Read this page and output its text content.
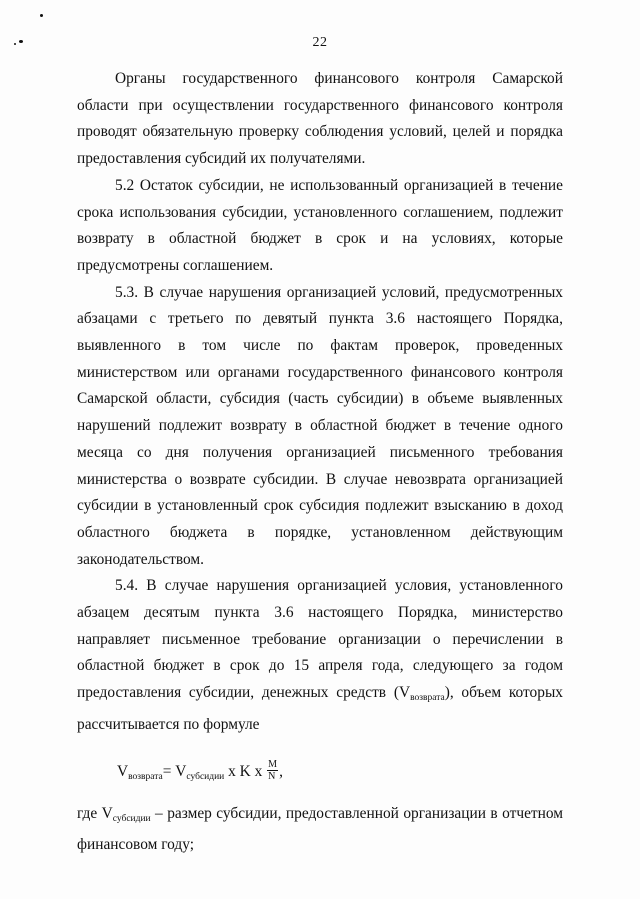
22

Органы государственного финансового контроля Самарской области при осуществлении государственного финансового контроля проводят обязательную проверку соблюдения условий, целей и порядка предоставления субсидий их получателями.

5.2 Остаток субсидии, не использованный организацией в течение срока использования субсидии, установленного соглашением, подлежит возврату в областной бюджет в срок и на условиях, которые предусмотрены соглашением.

5.3. В случае нарушения организацией условий, предусмотренных абзацами с третьего по девятый пункта 3.6 настоящего Порядка, выявленного в том числе по фактам проверок, проведенных министерством или органами государственного финансового контроля Самарской области, субсидия (часть субсидии) в объеме выявленных нарушений подлежит возврату в областной бюджет в течение одного месяца со дня получения организацией письменного требования министерства о возврате субсидии. В случае невозврата организацией субсидии в установленный срок субсидия подлежит взысканию в доход областного бюджета в порядке, установленном действующим законодательством.

5.4. В случае нарушения организацией условия, установленного абзацем десятым пункта 3.6 настоящего Порядка, министерство направляет письменное требование организации о перечислении в областной бюджет в срок до 15 апреля года, следующего за годом предоставления субсидии, денежных средств (Vвозврата), объем которых рассчитывается по формуле

$V_{возврата}= V_{субсидии}$ x K x $\frac{M}{N}$ ,

где $V_{субсидии}$ – размер субсидии, предоставленной организации в отчетном финансовом году;
